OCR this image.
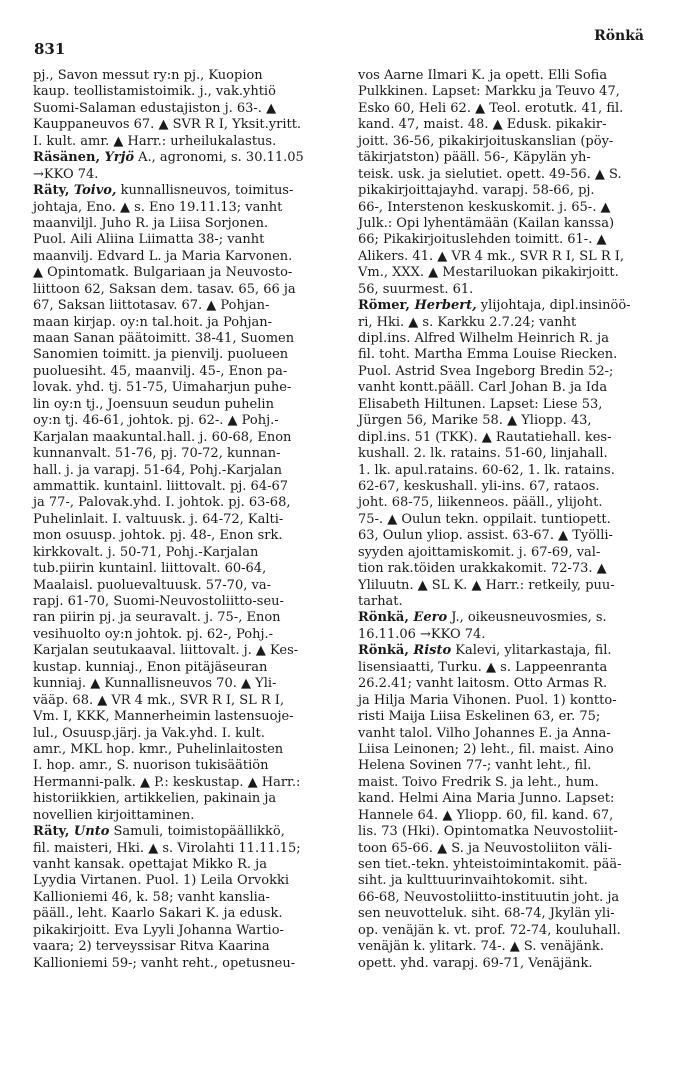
831
Rönkä
pj., Savon messut ry:n pj., Kuopion
kaup. teollistamistoimik. j., vak.yhtiö
Suomi-Salaman edustajiston j. 63-. ▲
Kauppaneuvos 67. ▲ SVR R I, Yksit.yritt.
I. kult. amr. ▲ Harr.: urheilukalastus.
Räsänen, Yrjö A., agronomi, s. 30.11.05
→KKO 74.
Räty, Toivo, kunnallisneuvos, toimitus-
johtaja, Eno. ▲ s. Eno 19.11.13; vanht
maanviljl. Juho R. ja Liisa Sorjonen.
Puol. Aili Aliina Liimatta 38-; vanht
maanvilj. Edvard L. ja Maria Karvonen.
▲ Opintomatk. Bulgariaan ja Neuvosto-
liittoon 62, Saksan dem. tasav. 65, 66 ja
67, Saksan liittotasav. 67. ▲ Pohjan-
maan kirjap. oy:n tal.hoit. ja Pohjan-
maan Sanan päätoimitt. 38-41, Suomen
Sanomien toimitt. ja pienvilj. puolueen
puoluesiht. 45, maanvilj. 45-, Enon pa-
lovak. yhd. tj. 51-75, Uimaharjun puhe-
lin oy:n tj., Joensuun seudun puhelin
oy:n tj. 46-61, johtok. pj. 62-. ▲ Pohj.-
Karjalan maakuntal.hall. j. 60-68, Enon
kunnanvalt. 51-76, pj. 70-72, kunnan-
hall. j. ja varapj. 51-64, Pohj.-Karjalan
ammattik. kuntainl. liittovalt. pj. 64-67
ja 77-, Palovak.yhd. I. johtok. pj. 63-68,
Puhelinlait. I. valtuusk. j. 64-72, Kalti-
mon osuusp. johtok. pj. 48-, Enon srk.
kirkkovalt. j. 50-71, Pohj.-Karjalan
tub.piirin kuntainl. liittovalt. 60-64,
Maalaisl. puoluevaltuusk. 57-70, va-
rapj. 61-70, Suomi-Neuvostoliitto-seu-
ran piirin pj. ja seuravalt. j. 75-, Enon
vesihuolto oy:n johtok. pj. 62-, Pohj.-
Karjalan seutukaaval. liittovalt. j. ▲ Kes-
kustap. kunniaj., Enon pitäjäseuran
kunniaj. ▲ Kunnallisneuvos 70. ▲ Yli-
vääp. 68. ▲ VR 4 mk., SVR R I, SL R I,
Vm. I, KKK, Mannerheimin lastensuoje-
lul., Osuusp.järj. ja Vak.yhd. I. kult.
amr., MKL hop. kmr., Puhelinlaitosten
I. hop. amr., S. nuorison tukisäätiön
Hermanni-palk. ▲ P.: keskustap. ▲ Harr.:
historiikkien, artikkelien, pakinain ja
novellien kirjoittaminen.
Räty, Unto Samuli, toimistopäällikkö,
fil. maisteri, Hki. ▲ s. Virolahti 11.11.15;
vanht kansak. opettajat Mikko R. ja
Lyydia Virtanen. Puol. 1) Leila Orvokki
Kallioniemi 46, k. 58; vanht kanslia-
pääll., leht. Kaarlo Sakari K. ja edusk.
pikakirjoitt. Eva Lyyli Johanna Wartio-
vaara; 2) terveyssisar Ritva Kaarina
Kallioniemi 59-; vanht reht., opetusneu-
vos Aarne Ilmari K. ja opett. Elli Sofia
Pulkkinen. Lapset: Markku ja Teuvo 47,
Esko 60, Heli 62. ▲ Teol. erotutk. 41, fil.
kand. 47, maist. 48. ▲ Edusk. pikakir-
joitt. 36-56, pikakirjoituskanslian (pöy-
täkirjatston) pääll. 56-, Käpylän yh-
teisk. usk. ja sielutiet. opett. 49-56. ▲ S.
pikakirjoittajayhd. varapj. 58-66, pj.
66-, Interstenon keskuskomit. j. 65-. ▲
Julk.: Opi lyhentämään (Kailan kanssa)
66; Pikakirjoituslehden toimitt. 61-. ▲
Alikers. 41. ▲ VR 4 mk., SVR R I, SL R I,
Vm., XXX. ▲ Mestariluokan pikakirjoitt.
56, suurmest. 61.
Römer, Herbert, ylijohtaja, dipl.insinöö-
ri, Hki. ▲ s. Karkku 2.7.24; vanht
dipl.ins. Alfred Wilhelm Heinrich R. ja
fil. toht. Martha Emma Louise Riecken.
Puol. Astrid Svea Ingeborg Bredin 52-;
vanht kontt.pääll. Carl Johan B. ja Ida
Elisabeth Hiltunen. Lapset: Liese 53,
Jürgen 56, Marike 58. ▲ Yliopp. 43,
dipl.ins. 51 (TKK). ▲ Rautatiehall. kes-
kushall. 2. lk. ratains. 51-60, linjahall.
1. lk. apul.ratains. 60-62, 1. lk. ratains.
62-67, keskushall. yli-ins. 67, rataos.
joht. 68-75, liikenneos. pääll., ylijoht.
75-. ▲ Oulun tekn. oppilait. tuntiopett.
63, Oulun yliop. assist. 63-67. ▲ Työlli-
syyden ajoittamiskomit. j. 67-69, val-
tion rak.töiden urakkakomit. 72-73. ▲
Yliluutn. ▲ SL K. ▲ Harr.: retkeily, puu-
tarhat.
Rönkä, Eero J., oikeusneuvosmies, s.
16.11.06 →KKO 74.
Rönkä, Risto Kalevi, ylitarkastaja, fil.
lisensiaatti, Turku. ▲ s. Lappeenranta
26.2.41; vanht laitosm. Otto Armas R.
ja Hilja Maria Vihonen. Puol. 1) kontto-
risti Maija Liisa Eskelinen 63, er. 75;
vanht talol. Vilho Johannes E. ja Anna-
Liisa Leinonen; 2) leht., fil. maist. Aino
Helena Sovinen 77-; vanht leht., fil.
maist. Toivo Fredrik S. ja leht., hum.
kand. Helmi Aina Maria Junno. Lapset:
Hannele 64. ▲ Yliopp. 60, fil. kand. 67,
lis. 73 (Hki). Opintomatka Neuvostoliit-
toon 65-66. ▲ S. ja Neuvostoliiton väli-
sen tiet.-tekn. yhteistoimintakomit. pää-
siht. ja kulttuurinvaihtokomit. siht.
66-68, Neuvostoliitto-instituutin joht. ja
sen neuvotteluk. siht. 68-74, Jkylän yli-
op. venäjän k. vt. prof. 72-74, kouluhall.
venäjän k. ylitark. 74-. ▲ S. venäjänk.
opett. yhd. varapj. 69-71, Venäjänk.
